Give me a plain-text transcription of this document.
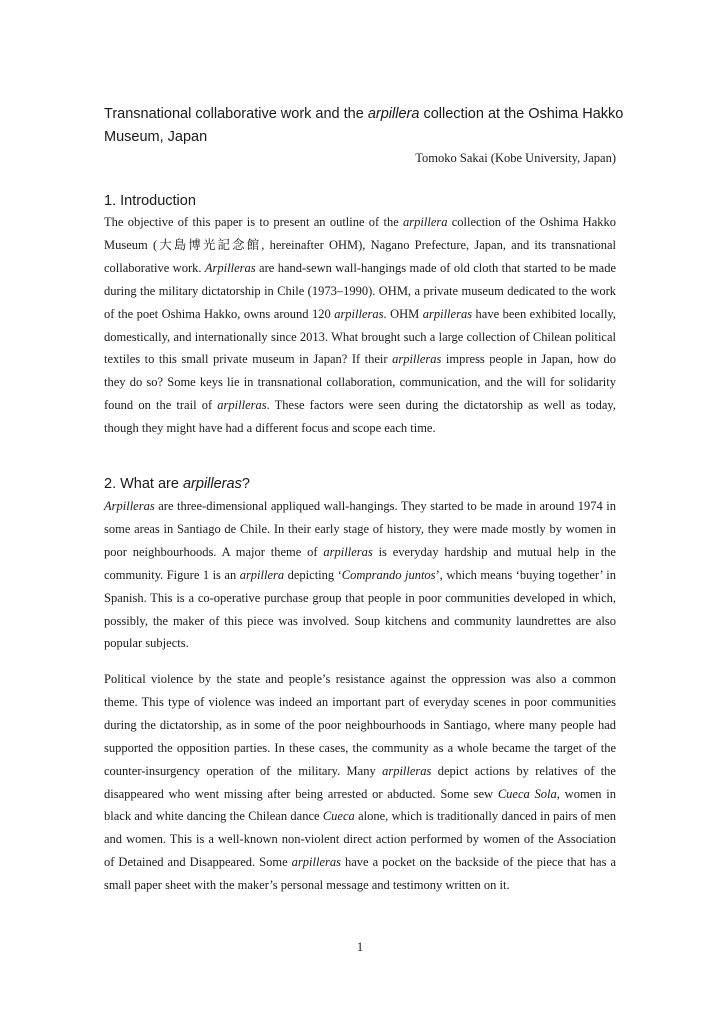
Transnational collaborative work and the arpillera collection at the Oshima Hakko Museum, Japan
Tomoko Sakai (Kobe University, Japan)
1. Introduction
The objective of this paper is to present an outline of the arpillera collection of the Oshima Hakko Museum (大島博光記念館, hereinafter OHM), Nagano Prefecture, Japan, and its transnational collaborative work. Arpilleras are hand-sewn wall-hangings made of old cloth that started to be made during the military dictatorship in Chile (1973–1990). OHM, a private museum dedicated to the work of the poet Oshima Hakko, owns around 120 arpilleras. OHM arpilleras have been exhibited locally, domestically, and internationally since 2013. What brought such a large collection of Chilean political textiles to this small private museum in Japan? If their arpilleras impress people in Japan, how do they do so? Some keys lie in transnational collaboration, communication, and the will for solidarity found on the trail of arpilleras. These factors were seen during the dictatorship as well as today, though they might have had a different focus and scope each time.
2. What are arpilleras?
Arpilleras are three-dimensional appliqued wall-hangings. They started to be made in around 1974 in some areas in Santiago de Chile. In their early stage of history, they were made mostly by women in poor neighbourhoods. A major theme of arpilleras is everyday hardship and mutual help in the community. Figure 1 is an arpillera depicting ‘Comprando juntos’, which means ‘buying together’ in Spanish. This is a co-operative purchase group that people in poor communities developed in which, possibly, the maker of this piece was involved. Soup kitchens and community laundrettes are also popular subjects.
Political violence by the state and people’s resistance against the oppression was also a common theme. This type of violence was indeed an important part of everyday scenes in poor communities during the dictatorship, as in some of the poor neighbourhoods in Santiago, where many people had supported the opposition parties. In these cases, the community as a whole became the target of the counter-insurgency operation of the military. Many arpilleras depict actions by relatives of the disappeared who went missing after being arrested or abducted. Some sew Cueca Sola, women in black and white dancing the Chilean dance Cueca alone, which is traditionally danced in pairs of men and women. This is a well-known non-violent direct action performed by women of the Association of Detained and Disappeared. Some arpilleras have a pocket on the backside of the piece that has a small paper sheet with the maker’s personal message and testimony written on it.
1
